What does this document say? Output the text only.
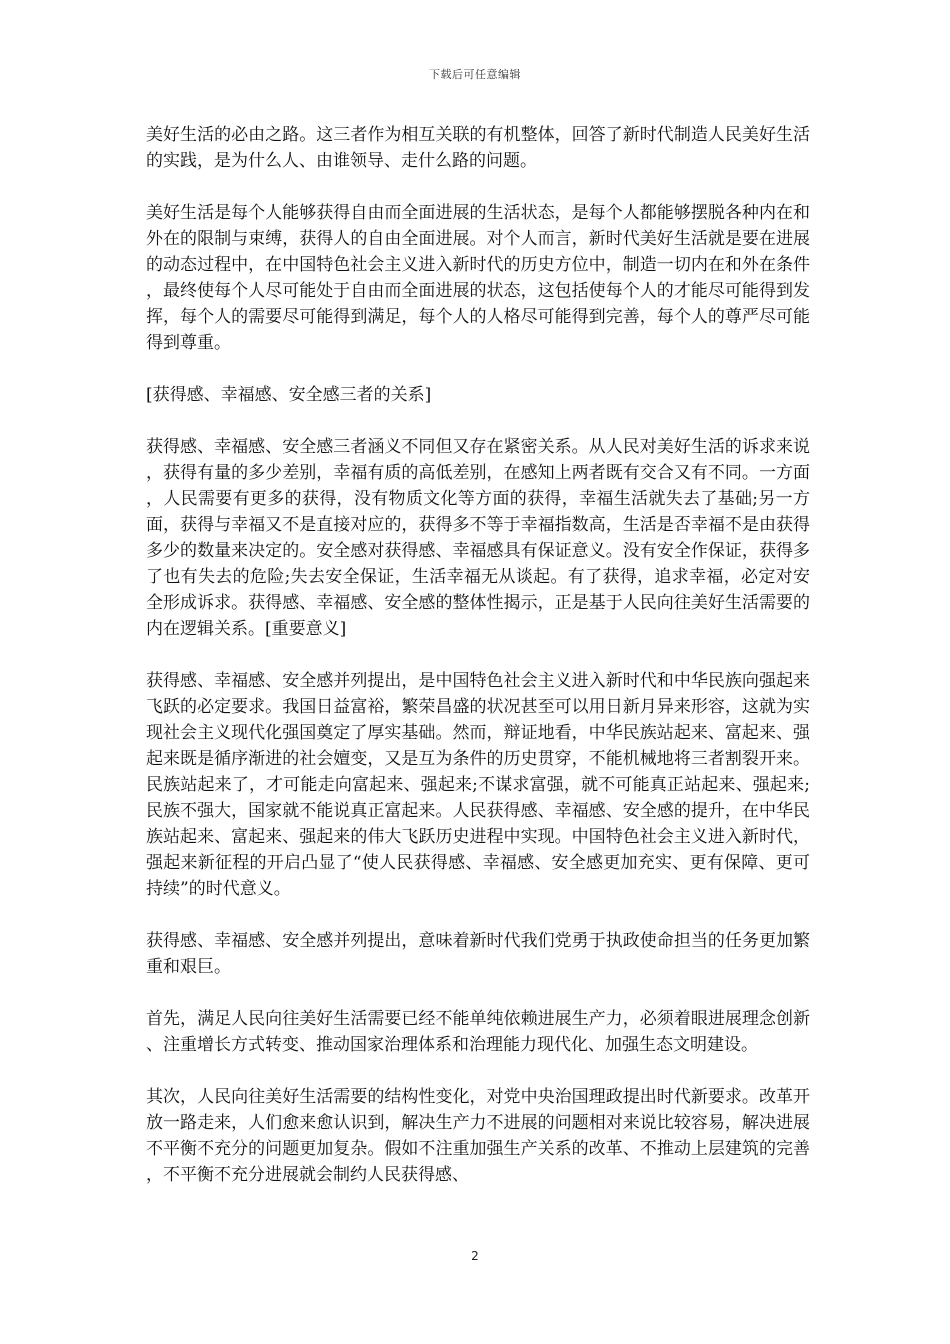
下载后可任意编辑

美好生活的必由之路。这三者作为相互关联的有机整体，回答了新时代制造人民美好生活的实践，是为什么人、由谁领导、走什么路的问题。

美好生活是每个人能够获得自由而全面进展的生活状态，是每个人都能够摆脱各种内在和外在的限制与束缚，获得人的自由全面进展。对个人而言，新时代美好生活就是要在进展的动态过程中，在中国特色社会主义进入新时代的历史方位中，制造一切内在和外在条件，最终使每个人尽可能处于自由而全面进展的状态，这包括使每个人的才能尽可能得到发挥，每个人的需要尽可能得到满足，每个人的人格尽可能得到完善，每个人的尊严尽可能得到尊重。

[获得感、幸福感、安全感三者的关系]

获得感、幸福感、安全感三者涵义不同但又存在紧密关系。从人民对美好生活的诉求来说，获得有量的多少差别，幸福有质的高低差别，在感知上两者既有交合又有不同。一方面，人民需要有更多的获得，没有物质文化等方面的获得，幸福生活就失去了基础;另一方面，获得与幸福又不是直接对应的，获得多不等于幸福指数高，生活是否幸福不是由获得多少的数量来决定的。安全感对获得感、幸福感具有保证意义。没有安全作保证，获得多了也有失去的危险;失去安全保证，生活幸福无从谈起。有了获得，追求幸福，必定对安全形成诉求。获得感、幸福感、安全感的整体性揭示，正是基于人民向往美好生活需要的内在逻辑关系。[重要意义]

获得感、幸福感、安全感并列提出，是中国特色社会主义进入新时代和中华民族向强起来飞跃的必定要求。我国日益富裕，繁荣昌盛的状况甚至可以用日新月异来形容，这就为实现社会主义现代化强国奠定了厚实基础。然而，辩证地看，中华民族站起来、富起来、强起来既是循序渐进的社会嬗变，又是互为条件的历史贯穿，不能机械地将三者割裂开来。民族站起来了，才可能走向富起来、强起来;不谋求富强，就不可能真正站起来、强起来;民族不强大，国家就不能说真正富起来。人民获得感、幸福感、安全感的提升，在中华民族站起来、富起来、强起来的伟大飞跃历史进程中实现。中国特色社会主义进入新时代，强起来新征程的开启凸显了“使人民获得感、幸福感、安全感更加充实、更有保障、更可持续”的时代意义。

获得感、幸福感、安全感并列提出，意味着新时代我们党勇于执政使命担当的任务更加繁重和艰巨。

首先，满足人民向往美好生活需要已经不能单纯依赖进展生产力，必须着眼进展理念创新、注重增长方式转变、推动国家治理体系和治理能力现代化、加强生态文明建设。

其次，人民向往美好生活需要的结构性变化，对党中央治国理政提出时代新要求。改革开放一路走来，人们愈来愈认识到，解决生产力不进展的问题相对来说比较容易，解决进展不平衡不充分的问题更加复杂。假如不注重加强生产关系的改革、不推动上层建筑的完善，不平衡不充分进展就会制约人民获得感、

2
